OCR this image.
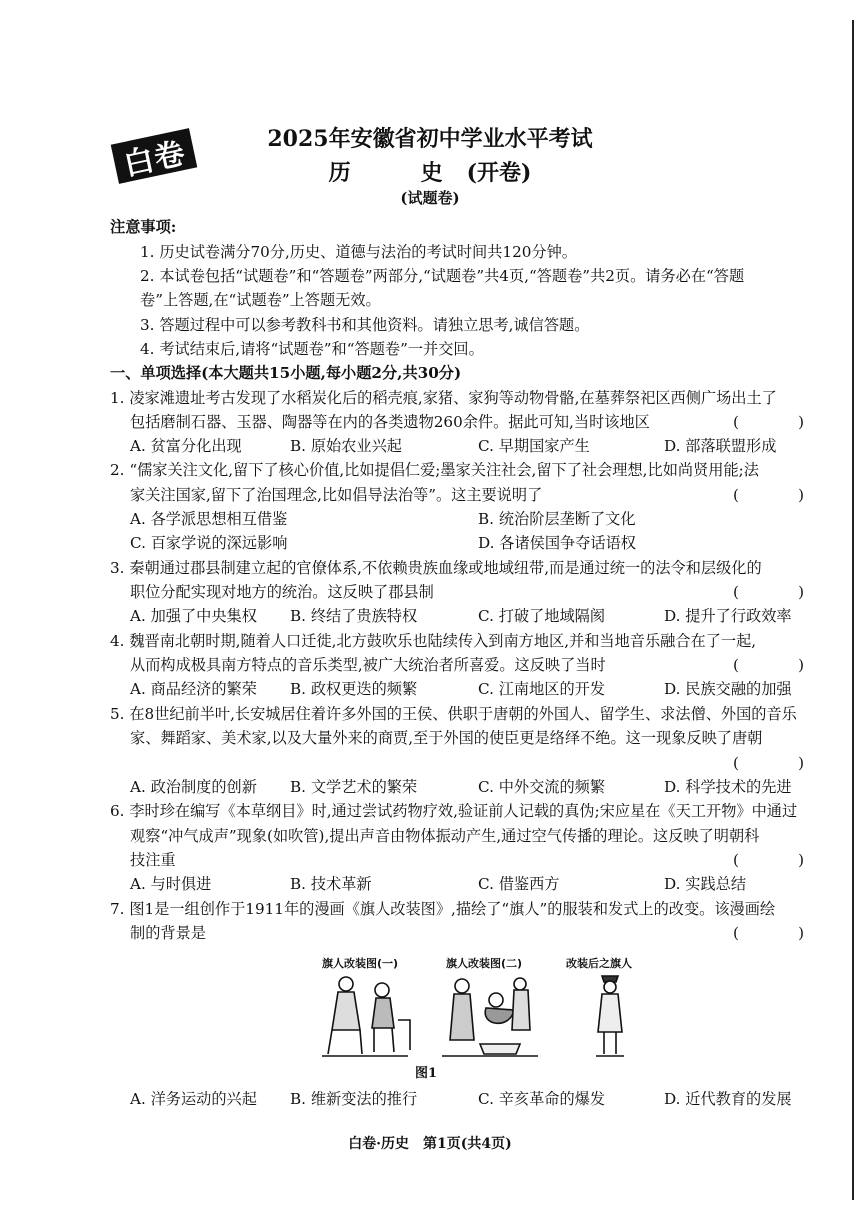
白卷	2025年安徽省初中学业水平考试
历　史(开卷)
(试题卷)
注意事项:
1. 历史试卷满分70分,历史、道德与法治的考试时间共120分钟。
2. 本试卷包括“试题卷”和“答题卷”两部分,“试题卷”共4页,“答题卷”共2页。请务必在“答题
卷”上答题,在“试题卷”上答题无效。
3. 答题过程中可以参考教科书和其他资料。请独立思考,诚信答题。
4. 考试结束后,请将“试题卷”和“答题卷”一并交回。
一、单项选择(本大题共15小题,每小题2分,共30分)
1. 凌家滩遗址考古发现了水稻炭化后的稻壳痕,家猪、家狗等动物骨骼,在墓葬祭祀区西侧广场出土了
包括磨制石器、玉器、陶器等在内的各类遗物260余件。据此可知,当时该地区	(　)
A. 贫富分化出现	B. 原始农业兴起	C. 早期国家产生	D. 部落联盟形成
2. “儒家关注文化,留下了核心价值,比如提倡仁爱;墨家关注社会,留下了社会理想,比如尚贤用能;法
家关注国家,留下了治国理念,比如倡导法治等”。这主要说明了	(　)
A. 各学派思想相互借鉴	B. 统治阶层垄断了文化
C. 百家学说的深远影响	D. 各诸侯国争夺话语权
3. 秦朝通过郡县制建立起的官僚体系,不依赖贵族血缘或地域纽带,而是通过统一的法令和层级化的
职位分配实现对地方的统治。这反映了郡县制	(　)
A. 加强了中央集权 B. 终结了贵族特权	C. 打破了地域隔阂	D. 提升了行政效率
4. 魏晋南北朝时期,随着人口迁徙,北方鼓吹乐也陆续传入到南方地区,并和当地音乐融合在了一起,
从而构成极具南方特点的音乐类型,被广大统治者所喜爱。这反映了当时	(　)
A. 商品经济的繁荣 B. 政权更迭的频繁	C. 江南地区的开发	D. 民族交融的加强
5. 在8世纪前半叶,长安城居住着许多外国的王侯、供职于唐朝的外国人、留学生、求法僧、外国的音乐
家、舞蹈家、美术家,以及大量外来的商贾,至于外国的使臣更是络绎不绝。这一现象反映了唐朝
(　)
A. 政治制度的创新 B. 文学艺术的繁荣	C. 中外交流的频繁	D. 科学技术的先进
6. 李时珍在编写《本草纲目》时,通过尝试药物疗效,验证前人记载的真伪;宋应星在《天工开物》中通过
观察“冲气成声”现象(如吹管),提出声音由物体振动产生,通过空气传播的理论。这反映了明朝科
技注重	(　)
A. 与时俱进	B. 技术革新	C. 借鉴西方	D. 实践总结
7. 图1是一组创作于1911年的漫画《旗人改装图》,描绘了“旗人”的服装和发式上的改变。该漫画绘
制的背景是	(　)
旗人改装图(一)	旗人改装图(二)	改装后之旗人
图1
A. 洋务运动的兴起 B. 维新变法的推行	C. 辛亥革命的爆发	D. 近代教育的发展
白卷·历史　第1页(共4页)
